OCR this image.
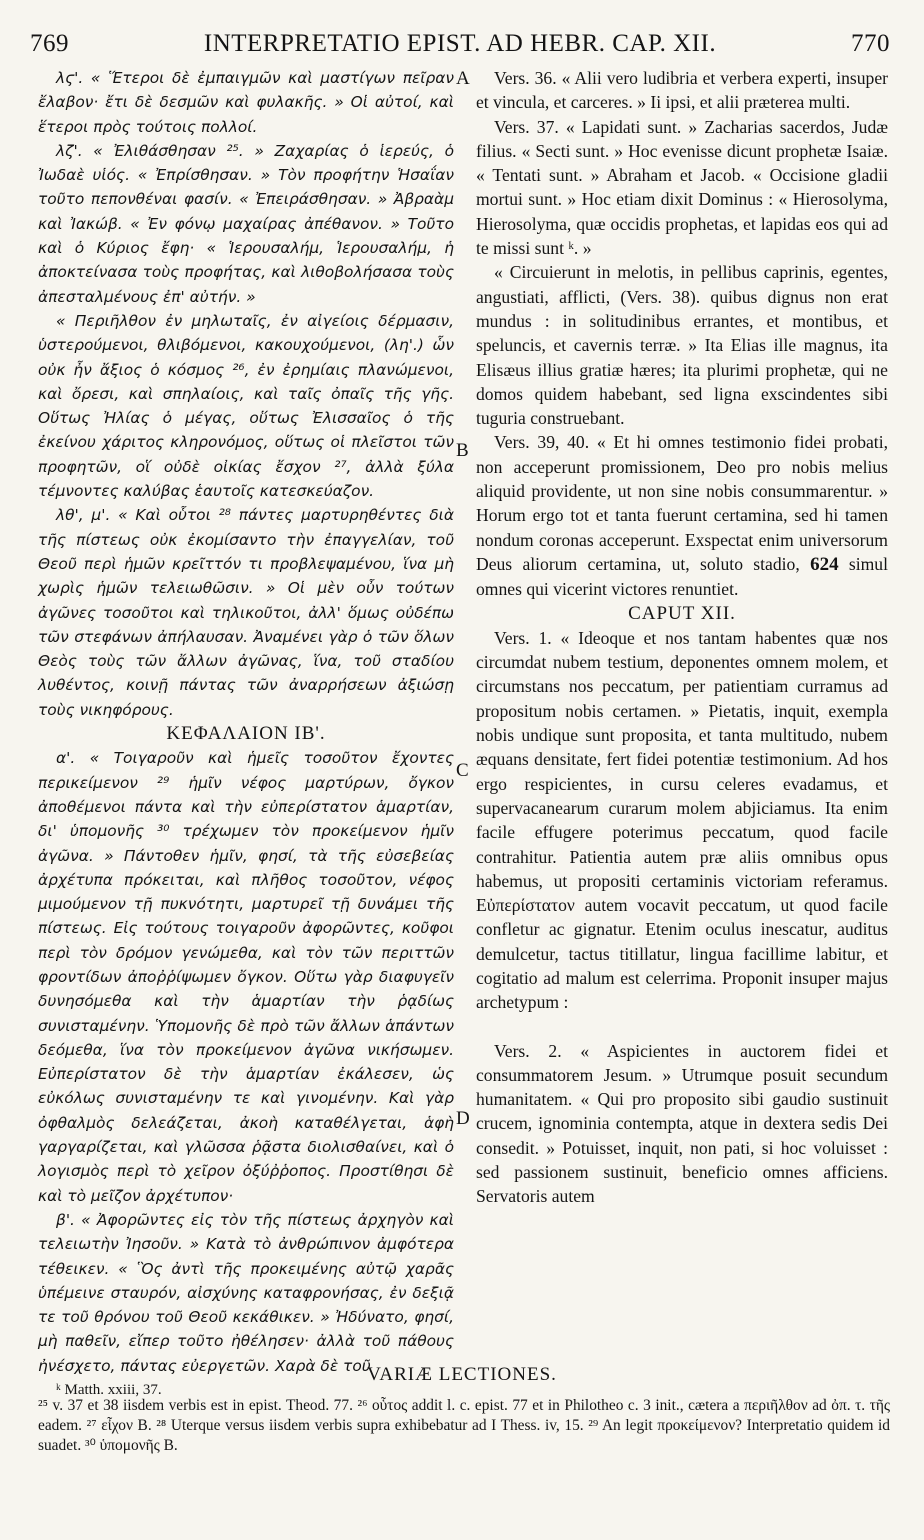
769	INTERPRETATIO EPIST. AD HEBR. CAP. XII.	770
A
B
C
D

λϛ'. « Ἕτεροι δὲ ἐμπαιγμῶν καὶ μαστίγων πεῖραν ἔλαβον· ἔτι δὲ δεσμῶν καὶ φυλακῆς. » Οἱ αὐτοί, καὶ ἕτεροι πρὸς τούτοις πολλοί.

λζ'. « Ἐλιθάσθησαν ²⁵. » Ζαχαρίας ὁ ἱερεύς, ὁ Ἰωδαὲ υἱός. « Ἐπρίσθησαν. » Τὸν προφήτην Ἡσαΐαν τοῦτο πεπονθέναι φασίν. « Ἐπειράσθησαν. » Ἀβραὰμ καὶ Ἰακώβ. « Ἐν φόνῳ μαχαίρας ἀπέθανον. » Τοῦτο καὶ ὁ Κύριος ἔφη· « Ἱερουσαλήμ, Ἱερουσαλήμ, ἡ ἀποκτείνασα τοὺς προφήτας, καὶ λιθοβολήσασα τοὺς ἀπεσταλμένους ἐπ' αὐτήν. »

« Περιῆλθον ἐν μηλωταῖς, ἐν αἰγείοις δέρμασιν, ὑστερούμενοι, θλιβόμενοι, κακουχούμενοι, (λη'.) ὧν οὐκ ἦν ἄξιος ὁ κόσμος ²⁶, ἐν ἐρημίαις πλανώμενοι, καὶ ὄρεσι, καὶ σπηλαίοις, καὶ ταῖς ὀπαῖς τῆς γῆς. Οὕτως Ἠλίας ὁ μέγας, οὕτως Ἐλισσαῖος ὁ τῆς ἐκείνου χάριτος κληρονόμος, οὕτως οἱ πλεῖστοι τῶν προφητῶν, οἵ οὐδὲ οἰκίας ἔσχον ²⁷, ἀλλὰ ξύλα τέμνοντες καλύβας ἑαυτοῖς κατεσκεύαζον.

λθ', μ'. « Καὶ οὗτοι ²⁸ πάντες μαρτυρηθέντες διὰ τῆς πίστεως οὐκ ἐκομίσαντο τὴν ἐπαγγελίαν, τοῦ Θεοῦ περὶ ἡμῶν κρεῖττόν τι προβλεψαμένου, ἵνα μὴ χωρὶς ἡμῶν τελειωθῶσιν. » Οἱ μὲν οὖν τούτων ἀγῶνες τοσοῦτοι καὶ τηλικοῦτοι, ἀλλ' ὅμως οὐδέπω τῶν στεφάνων ἀπήλαυσαν. Ἀναμένει γὰρ ὁ τῶν ὅλων Θεὸς τοὺς τῶν ἄλλων ἀγῶνας, ἵνα, τοῦ σταδίου λυθέντος, κοινῇ πάντας τῶν ἀναρρήσεων ἀξιώσῃ τοὺς νικηφόρους.

ΚΕΦΑΛΑΙΟΝ ΙΒ'.

α'. « Τοιγαροῦν καὶ ἡμεῖς τοσοῦτον ἔχοντες περικείμενον ²⁹ ἡμῖν νέφος μαρτύρων, ὄγκον ἀποθέμενοι πάντα καὶ τὴν εὐπερίστατον ἁμαρτίαν, δι' ὑπομονῆς ³⁰ τρέχωμεν τὸν προκείμενον ἡμῖν ἀγῶνα. » Πάντοθεν ἡμῖν, φησί, τὰ τῆς εὐσεβείας ἀρχέτυπα πρόκειται, καὶ πλῆθος τοσοῦτον, νέφος μιμούμενον τῇ πυκνότητι, μαρτυρεῖ τῇ δυνάμει τῆς πίστεως. Εἰς τούτους τοιγαροῦν ἀφορῶντες, κοῦφοι περὶ τὸν δρόμον γενώμεθα, καὶ τὸν τῶν περιττῶν φροντίδων ἀποῤῥίψωμεν ὄγκον. Οὕτω γὰρ διαφυγεῖν δυνησόμεθα καὶ τὴν ἁμαρτίαν τὴν ῥᾳδίως συνισταμένην. Ὑπομονῆς δὲ πρὸ τῶν ἄλλων ἁπάντων δεόμεθα, ἵνα τὸν προκείμενον ἀγῶνα νικήσωμεν. Εὐπερίστατον δὲ τὴν ἁμαρτίαν ἐκάλεσεν, ὡς εὐκόλως συνισταμένην τε καὶ γινομένην. Καὶ γὰρ ὀφθαλμὸς δελεάζεται, ἀκοὴ καταθέλγεται, ἁφὴ γαργαρίζεται, καὶ γλῶσσα ῥᾷστα διολισθαίνει, καὶ ὁ λογισμὸς περὶ τὸ χεῖρον ὀξύῤῥοπος. Προστίθησι δὲ καὶ τὸ μεῖζον ἀρχέτυπον·

β'. « Ἀφορῶντες εἰς τὸν τῆς πίστεως ἀρχηγὸν καὶ τελειωτὴν Ἰησοῦν. » Κατὰ τὸ ἀνθρώπινον ἀμφότερα τέθεικεν. « Ὃς ἀντὶ τῆς προκειμένης αὐτῷ χαρᾶς ὑπέμεινε σταυρόν, αἰσχύνης καταφρονήσας, ἐν δεξιᾷ τε τοῦ θρόνου τοῦ Θεοῦ κεκάθικεν. » Ἠδύνατο, φησί, μὴ παθεῖν, εἴπερ τοῦτο ἠθέλησεν· ἀλλὰ τοῦ πάθους ἠνέσχετο, πάντας εὐεργετῶν. Χαρὰ δὲ τοῦ

ᵏ Matth. xxiii, 37.

Vers. 36. « Alii vero ludibria et verbera experti, insuper et vincula, et carceres. » Ii ipsi, et alii præterea multi.

Vers. 37. « Lapidati sunt. » Zacharias sacerdos, Judæ filius. « Secti sunt. » Hoc evenisse dicunt prophetæ Isaiæ. « Tentati sunt. » Abraham et Jacob. « Occisione gladii mortui sunt. » Hoc etiam dixit Dominus : « Hierosolyma, Hierosolyma, quæ occidis prophetas, et lapidas eos qui ad te missi sunt ᵏ. »

« Circuierunt in melotis, in pellibus caprinis, egentes, angustiati, afflicti, (Vers. 38). quibus dignus non erat mundus : in solitudinibus errantes, et montibus, et speluncis, et cavernis terræ. » Ita Elias ille magnus, ita Elisæus illius gratiæ hæres; ita plurimi prophetæ, qui ne domos quidem habebant, sed ligna exscindentes sibi tuguria construebant.

Vers. 39, 40. « Et hi omnes testimonio fidei probati, non acceperunt promissionem, Deo pro nobis melius aliquid providente, ut non sine nobis consummarentur. » Horum ergo tot et tanta fuerunt certamina, sed hi tamen nondum coronas acceperunt. Exspectat enim universorum Deus aliorum certamina, ut, soluto stadio, 624 simul omnes qui vicerint victores renuntiet.

CAPUT XII.

Vers. 1. « Ideoque et nos tantam habentes quæ nos circumdat nubem testium, deponentes omnem molem, et circumstans nos peccatum, per patientiam curramus ad propositum nobis certamen. » Pietatis, inquit, exempla nobis undique sunt proposita, et tanta multitudo, nubem æquans densitate, fert fidei potentiæ testimonium. Ad hos ergo respicientes, in cursu celeres evadamus, et supervacanearum curarum molem abjiciamus. Ita enim facile effugere poterimus peccatum, quod facile contrahitur. Patientia autem præ aliis omnibus opus habemus, ut propositi certaminis victoriam referamus. Εὐπερίστατον autem vocavit peccatum, ut quod facile confletur ac gignatur. Etenim oculus inescatur, auditus demulcetur, tactus titillatur, lingua facillime labitur, et cogitatio ad malum est celerrima. Proponit insuper majus archetypum :

Vers. 2. « Aspicientes in auctorem fidei et consummatorem Jesum. » Utrumque posuit secundum humanitatem. « Qui pro proposito sibi gaudio sustinuit crucem, ignominia contempta, atque in dextera sedis Dei consedit. » Potuisset, inquit, non pati, si hoc voluisset : sed passionem sustinuit, beneficio omnes afficiens. Servatoris autem

VARIÆ LECTIONES.
²⁵ v. 37 et 38 iisdem verbis est in epist. Theod. 77. ²⁶ οὗτος addit l. c. epist. 77 et in Philotheo c. 3 init., cætera a περιῆλθον ad ὀπ. τ. τῆς eadem. ²⁷ εἶχον B. ²⁸ Uterque versus iisdem verbis supra exhibebatur ad I Thess. iv, 15. ²⁹ An legit προκείμενον? Interpretatio quidem id suadet. ³⁰ ὑπομονῆς B.
